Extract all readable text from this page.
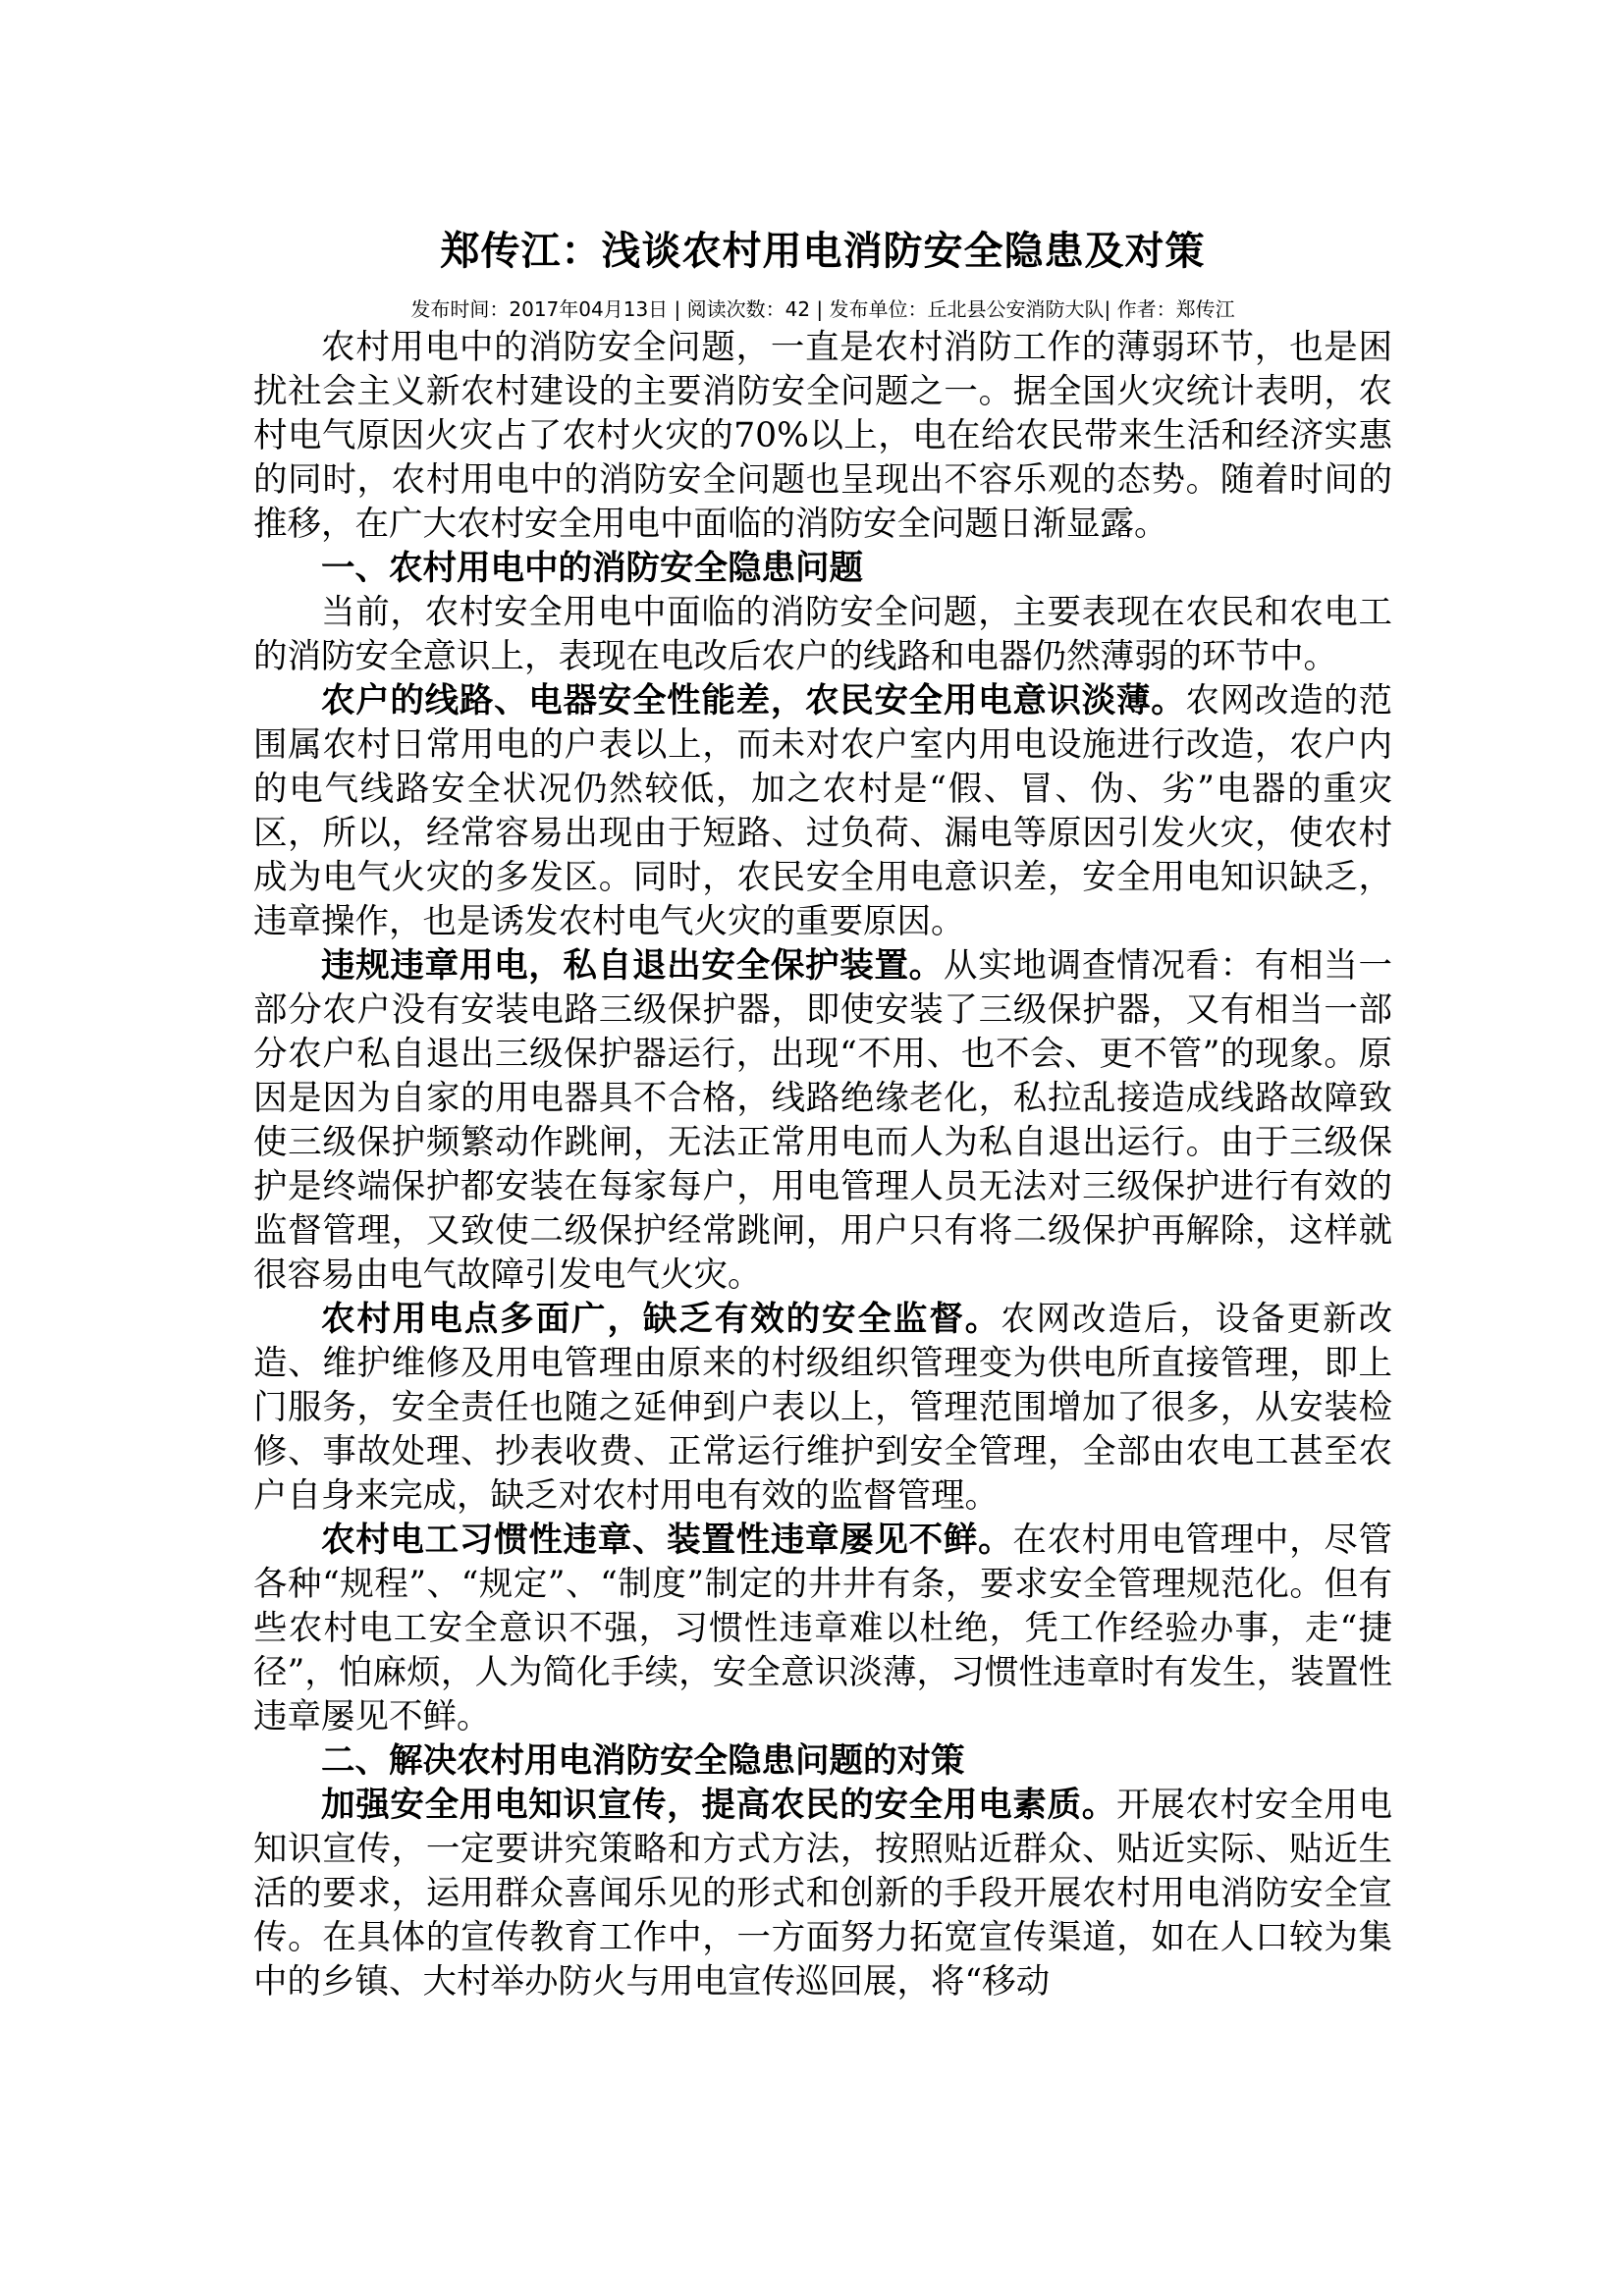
郑传江：浅谈农村用电消防安全隐患及对策
发布时间：2017年04月13日 | 阅读次数：42 | 发布单位：丘北县公安消防大队| 作者：郑传江

农村用电中的消防安全问题，一直是农村消防工作的薄弱环节，也是困扰社会主义新农村建设的主要消防安全问题之一。据全国火灾统计表明，农村电气原因火灾占了农村火灾的70%以上，电在给农民带来生活和经济实惠的同时，农村用电中的消防安全问题也呈现出不容乐观的态势。随着时间的推移，在广大农村安全用电中面临的消防安全问题日渐显露。

一、农村用电中的消防安全隐患问题

当前，农村安全用电中面临的消防安全问题，主要表现在农民和农电工的消防安全意识上，表现在电改后农户的线路和电器仍然薄弱的环节中。

农户的线路、电器安全性能差，农民安全用电意识淡薄。农网改造的范围属农村日常用电的户表以上，而未对农户室内用电设施进行改造，农户内的电气线路安全状况仍然较低，加之农村是“假、冒、伪、劣”电器的重灾区，所以，经常容易出现由于短路、过负荷、漏电等原因引发火灾，使农村成为电气火灾的多发区。同时，农民安全用电意识差，安全用电知识缺乏，违章操作，也是诱发农村电气火灾的重要原因。

违规违章用电，私自退出安全保护装置。从实地调查情况看：有相当一部分农户没有安装电路三级保护器，即使安装了三级保护器，又有相当一部分农户私自退出三级保护器运行，出现“不用、也不会、更不管”的现象。原因是因为自家的用电器具不合格，线路绝缘老化，私拉乱接造成线路故障致使三级保护频繁动作跳闸，无法正常用电而人为私自退出运行。由于三级保护是终端保护都安装在每家每户，用电管理人员无法对三级保护进行有效的监督管理，又致使二级保护经常跳闸，用户只有将二级保护再解除，这样就很容易由电气故障引发电气火灾。

农村用电点多面广，缺乏有效的安全监督。农网改造后，设备更新改造、维护维修及用电管理由原来的村级组织管理变为供电所直接管理，即上门服务，安全责任也随之延伸到户表以上，管理范围增加了很多，从安装检修、事故处理、抄表收费、正常运行维护到安全管理，全部由农电工甚至农户自身来完成，缺乏对农村用电有效的监督管理。

农村电工习惯性违章、装置性违章屡见不鲜。在农村用电管理中，尽管各种“规程”、“规定”、“制度”制定的井井有条，要求安全管理规范化。但有些农村电工安全意识不强，习惯性违章难以杜绝，凭工作经验办事，走“捷径”，怕麻烦，人为简化手续，安全意识淡薄，习惯性违章时有发生，装置性违章屡见不鲜。

二、解决农村用电消防安全隐患问题的对策

加强安全用电知识宣传，提高农民的安全用电素质。开展农村安全用电知识宣传，一定要讲究策略和方式方法，按照贴近群众、贴近实际、贴近生活的要求，运用群众喜闻乐见的形式和创新的手段开展农村用电消防安全宣传。在具体的宣传教育工作中，一方面努力拓宽宣传渠道，如在人口较为集中的乡镇、大村举办防火与用电宣传巡回展，将“移动
